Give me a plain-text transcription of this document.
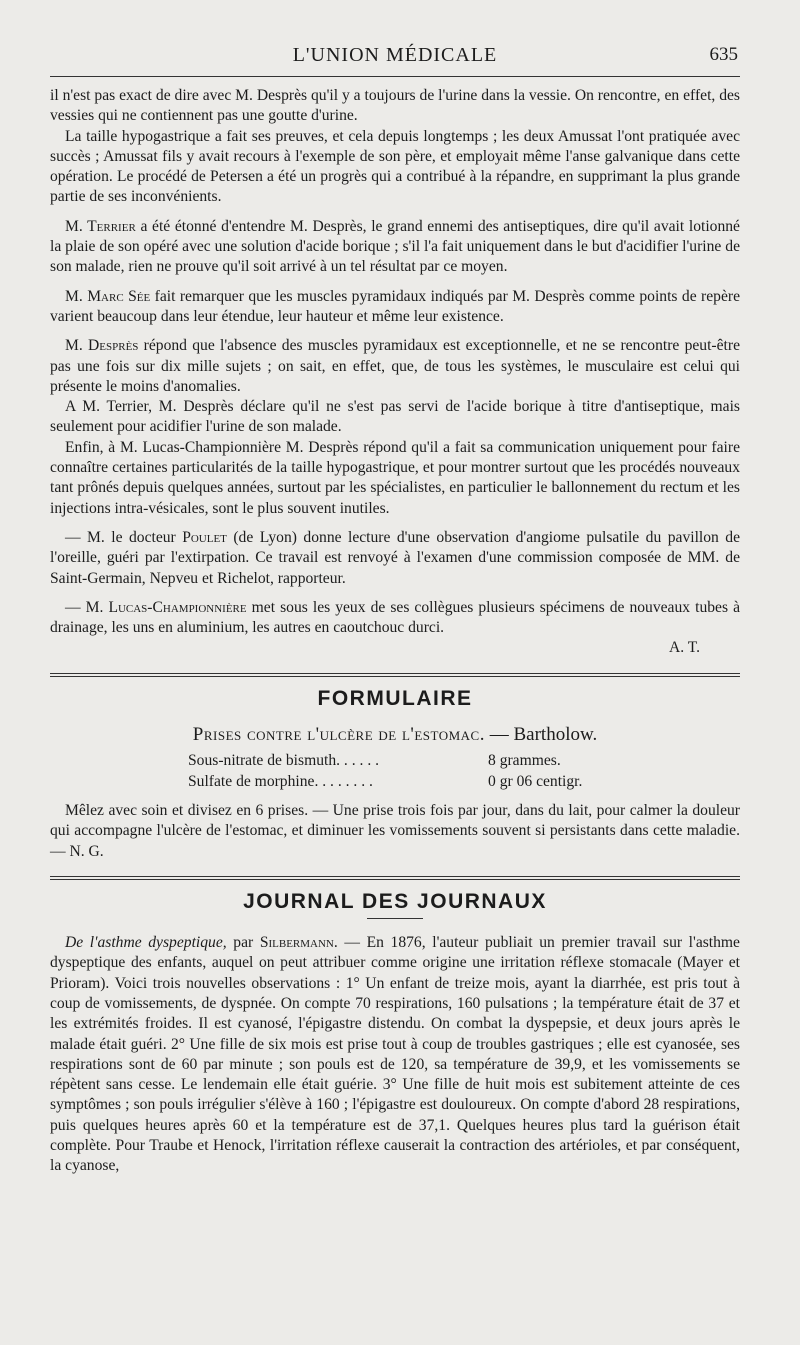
L'UNION MÉDICALE	635

il n'est pas exact de dire avec M. Desprès qu'il y a toujours de l'urine dans la vessie. On rencontre, en effet, des vessies qui ne contiennent pas une goutte d'urine.

La taille hypogastrique a fait ses preuves, et cela depuis longtemps ; les deux Amussat l'ont pratiquée avec succès ; Amussat fils y avait recours à l'exemple de son père, et employait même l'anse galvanique dans cette opération. Le procédé de Petersen a été un progrès qui a contribué à la répandre, en supprimant la plus grande partie de ses inconvénients.

M. Terrier a été étonné d'entendre M. Desprès, le grand ennemi des antiseptiques, dire qu'il avait lotionné la plaie de son opéré avec une solution d'acide borique ; s'il l'a fait uniquement dans le but d'acidifier l'urine de son malade, rien ne prouve qu'il soit arrivé à un tel résultat par ce moyen.

M. Marc Sée fait remarquer que les muscles pyramidaux indiqués par M. Desprès comme points de repère varient beaucoup dans leur étendue, leur hauteur et même leur existence.

M. Desprès répond que l'absence des muscles pyramidaux est exceptionnelle, et ne se rencontre peut-être pas une fois sur dix mille sujets ; on sait, en effet, que, de tous les systèmes, le musculaire est celui qui présente le moins d'anomalies.

A M. Terrier, M. Desprès déclare qu'il ne s'est pas servi de l'acide borique à titre d'antiseptique, mais seulement pour acidifier l'urine de son malade.

Enfin, à M. Lucas-Championnière M. Desprès répond qu'il a fait sa communication uniquement pour faire connaître certaines particularités de la taille hypogastrique, et pour montrer surtout que les procédés nouveaux tant prônés depuis quelques années, surtout par les spécialistes, en particulier le ballonnement du rectum et les injections intra-vésicales, sont le plus souvent inutiles.

— M. le docteur Poulet (de Lyon) donne lecture d'une observation d'angiome pulsatile du pavillon de l'oreille, guéri par l'extirpation. Ce travail est renvoyé à l'examen d'une commission composée de MM. de Saint-Germain, Nepveu et Richelot, rapporteur.

— M. Lucas-Championnière met sous les yeux de ses collègues plusieurs spécimens de nouveaux tubes à drainage, les uns en aluminium, les autres en caoutchouc durci.

A. T.

FORMULAIRE
Prises contre l'ulcère de l'estomac. — Bartholow.
Sous-nitrate de bismuth. . . . . .	8 grammes.
Sulfate de morphine. . . . . . . .	0 gr 06 centigr.

Mêlez avec soin et divisez en 6 prises. — Une prise trois fois par jour, dans du lait, pour calmer la douleur qui accompagne l'ulcère de l'estomac, et diminuer les vomissements souvent si persistants dans cette maladie. — N. G.

JOURNAL DES JOURNAUX

De l'asthme dyspeptique, par Silbermann. — En 1876, l'auteur publiait un premier travail sur l'asthme dyspeptique des enfants, auquel on peut attribuer comme origine une irritation réflexe stomacale (Mayer et Prioram). Voici trois nouvelles observations : 1° Un enfant de treize mois, ayant la diarrhée, est pris tout à coup de vomissements, de dyspnée. On compte 70 respirations, 160 pulsations ; la température était de 37 et les extrémités froides. Il est cyanosé, l'épigastre distendu. On combat la dyspepsie, et deux jours après le malade était guéri. 2° Une fille de six mois est prise tout à coup de troubles gastriques ; elle est cyanosée, ses respirations sont de 60 par minute ; son pouls est de 120, sa température de 39,9, et les vomissements se répètent sans cesse. Le lendemain elle était guérie. 3° Une fille de huit mois est subitement atteinte de ces symptômes ; son pouls irrégulier s'élève à 160 ; l'épigastre est douloureux. On compte d'abord 28 respirations, puis quelques heures après 60 et la température est de 37,1. Quelques heures plus tard la guérison était complète. Pour Traube et Henock, l'irritation réflexe causerait la contraction des artérioles, et par conséquent, la cyanose,
